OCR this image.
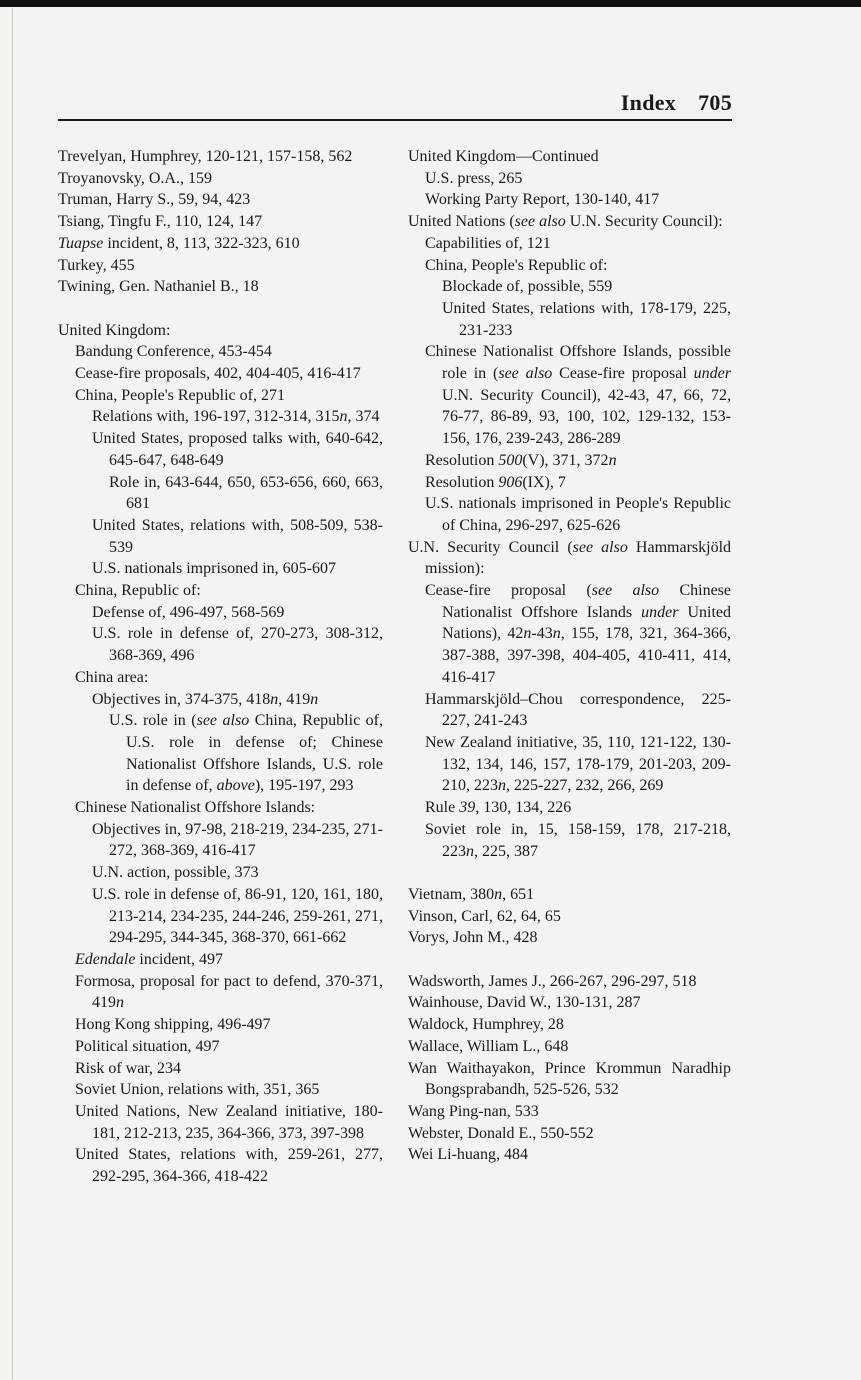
Index 705
Trevelyan, Humphrey, 120-121, 157-158, 562
Troyanovsky, O.A., 159
Truman, Harry S., 59, 94, 423
Tsiang, Tingfu F., 110, 124, 147
Tuapse incident, 8, 113, 322-323, 610
Turkey, 455
Twining, Gen. Nathaniel B., 18
United Kingdom:
Bandung Conference, 453-454
Cease-fire proposals, 402, 404-405, 416-417
China, People's Republic of, 271
Relations with, 196-197, 312-314, 315n, 374
United States, proposed talks with, 640-642, 645-647, 648-649
Role in, 643-644, 650, 653-656, 660, 663, 681
United States, relations with, 508-509, 538-539
U.S. nationals imprisoned in, 605-607
China, Republic of:
Defense of, 496-497, 568-569
U.S. role in defense of, 270-273, 308-312, 368-369, 496
China area:
Objectives in, 374-375, 418n, 419n
U.S. role in (see also China, Republic of, U.S. role in defense of; Chinese Nationalist Offshore Islands, U.S. role in defense of, above), 195-197, 293
Chinese Nationalist Offshore Islands:
Objectives in, 97-98, 218-219, 234-235, 271-272, 368-369, 416-417
U.N. action, possible, 373
U.S. role in defense of, 86-91, 120, 161, 180, 213-214, 234-235, 244-246, 259-261, 271, 294-295, 344-345, 368-370, 661-662
Edendale incident, 497
Formosa, proposal for pact to defend, 370-371, 419n
Hong Kong shipping, 496-497
Political situation, 497
Risk of war, 234
Soviet Union, relations with, 351, 365
United Nations, New Zealand initiative, 180-181, 212-213, 235, 364-366, 373, 397-398
United States, relations with, 259-261, 277, 292-295, 364-366, 418-422
United Kingdom—Continued
U.S. press, 265
Working Party Report, 130-140, 417
United Nations (see also U.N. Security Council):
Capabilities of, 121
China, People's Republic of:
Blockade of, possible, 559
United States, relations with, 178-179, 225, 231-233
Chinese Nationalist Offshore Islands, possible role in (see also Cease-fire proposal under U.N. Security Council), 42-43, 47, 66, 72, 76-77, 86-89, 93, 100, 102, 129-132, 153-156, 176, 239-243, 286-289
Resolution 500(V), 371, 372n
Resolution 906(IX), 7
U.S. nationals imprisoned in People's Republic of China, 296-297, 625-626
U.N. Security Council (see also Hammarskjöld mission):
Cease-fire proposal (see also Chinese Nationalist Offshore Islands under United Nations), 42n-43n, 155, 178, 321, 364-366, 387-388, 397-398, 404-405, 410-411, 414, 416-417
Hammarskjöld–Chou correspondence, 225-227, 241-243
New Zealand initiative, 35, 110, 121-122, 130-132, 134, 146, 157, 178-179, 201-203, 209-210, 223n, 225-227, 232, 266, 269
Rule 39, 130, 134, 226
Soviet role in, 15, 158-159, 178, 217-218, 223n, 225, 387
Vietnam, 380n, 651
Vinson, Carl, 62, 64, 65
Vorys, John M., 428
Wadsworth, James J., 266-267, 296-297, 518
Wainhouse, David W., 130-131, 287
Waldock, Humphrey, 28
Wallace, William L., 648
Wan Waithayakon, Prince Krommun Naradhip Bongsprabandh, 525-526, 532
Wang Ping-nan, 533
Webster, Donald E., 550-552
Wei Li-huang, 484
